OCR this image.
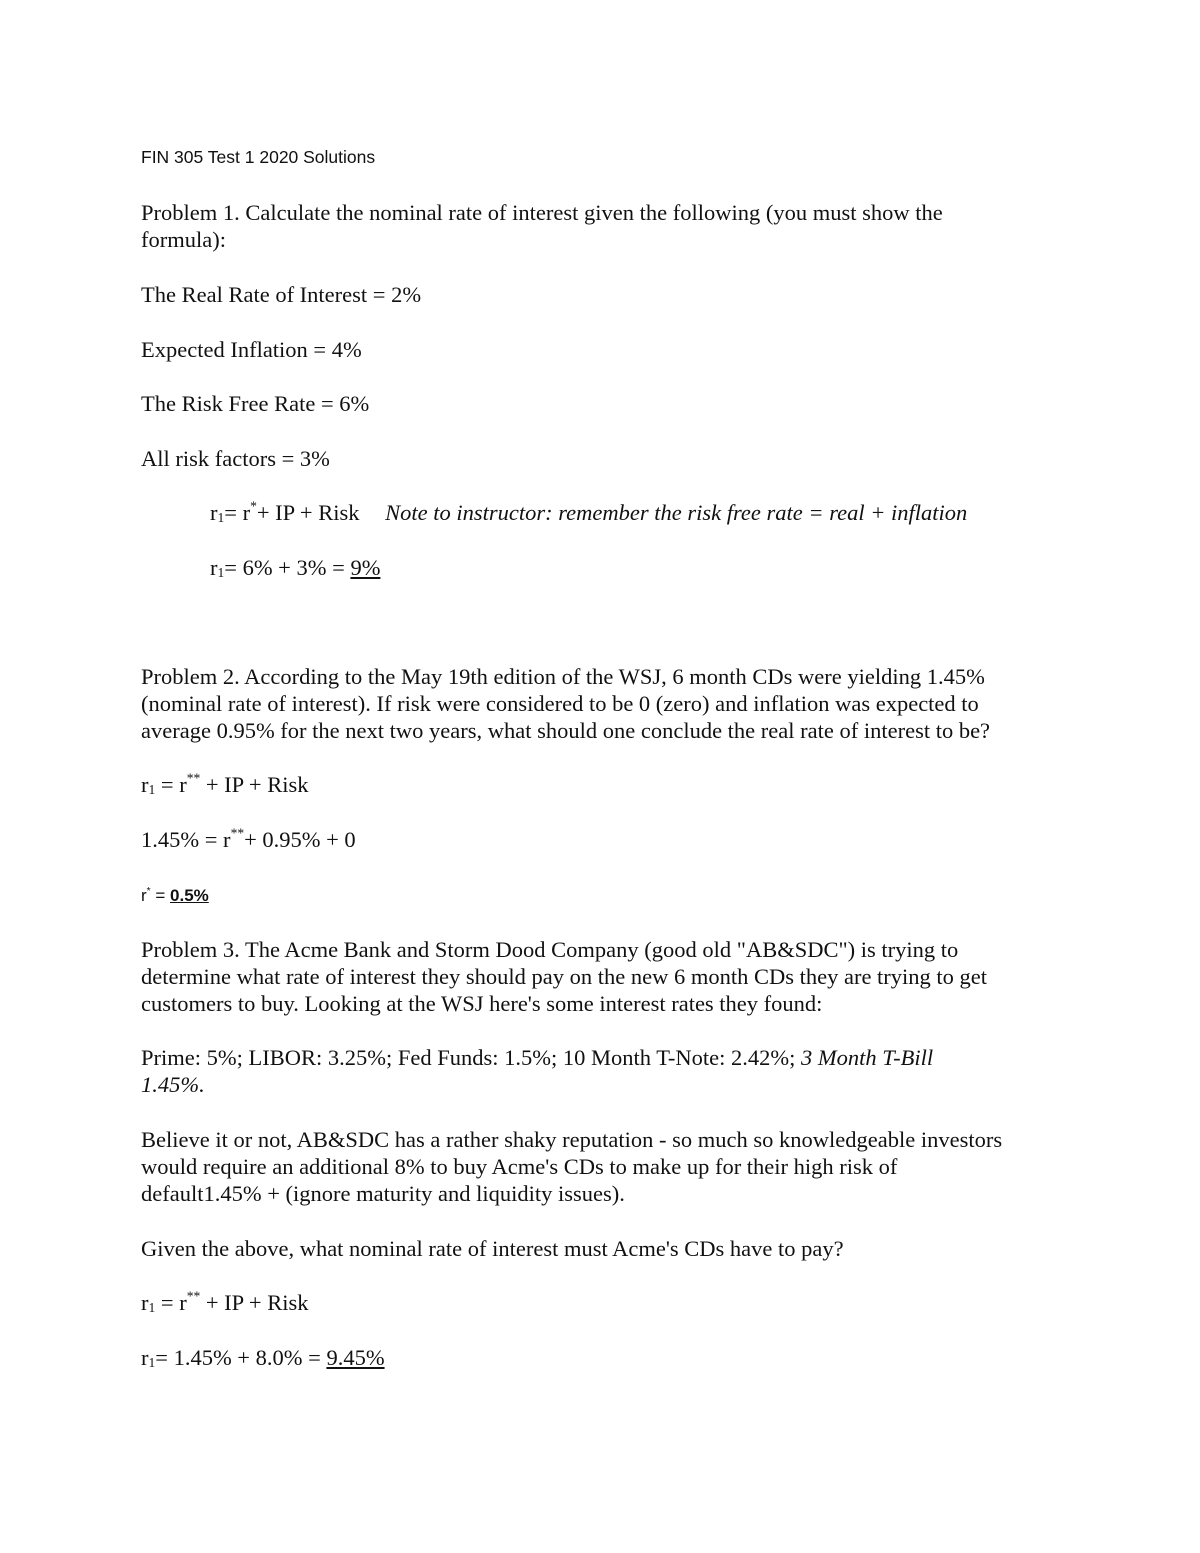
FIN 305 Test 1 2020 Solutions
Problem 1. Calculate the nominal rate of interest given the following (you must show the
formula):
The Real Rate of Interest = 2%
Expected Inflation = 4%
The Risk Free Rate = 6%
All risk factors = 3%
$r_1= r^*+$ IP + Risk Note to instructor: remember the risk free rate = real + inflation
$r_1= 6\% + 3\% = 9\%$
Problem 2. According to the May 19th edition of the WSJ, 6 month CDs were yielding 1.45%
(nominal rate of interest). If risk were considered to be 0 (zero) and inflation was expected to
average 0.95% for the next two years, what should one conclude the real rate of interest to be?
$r_1 = r^{**}$ + IP + Risk
1.45% = r**+ 0.95% + 0
r* = 0.5%
Problem 3. The Acme Bank and Storm Dood Company (good old "AB&SDC") is trying to
determine what rate of interest they should pay on the new 6 month CDs they are trying to get
customers to buy. Looking at the WSJ here's some interest rates they found:
Prime: 5%; LIBOR: 3.25%; Fed Funds: 1.5%; 10 Month T-Note: 2.42%; 3 Month T-Bill
1.45%.
Believe it or not, AB&SDC has a rather shaky reputation - so much so knowledgeable investors
would require an additional 8% to buy Acme's CDs to make up for their high risk of
default1.45% + (ignore maturity and liquidity issues).
Given the above, what nominal rate of interest must Acme's CDs have to pay?
$r_1 = r^{**}$ + IP + Risk
$r_1= 1.45\% + 8.0\% = 9.45\%$
